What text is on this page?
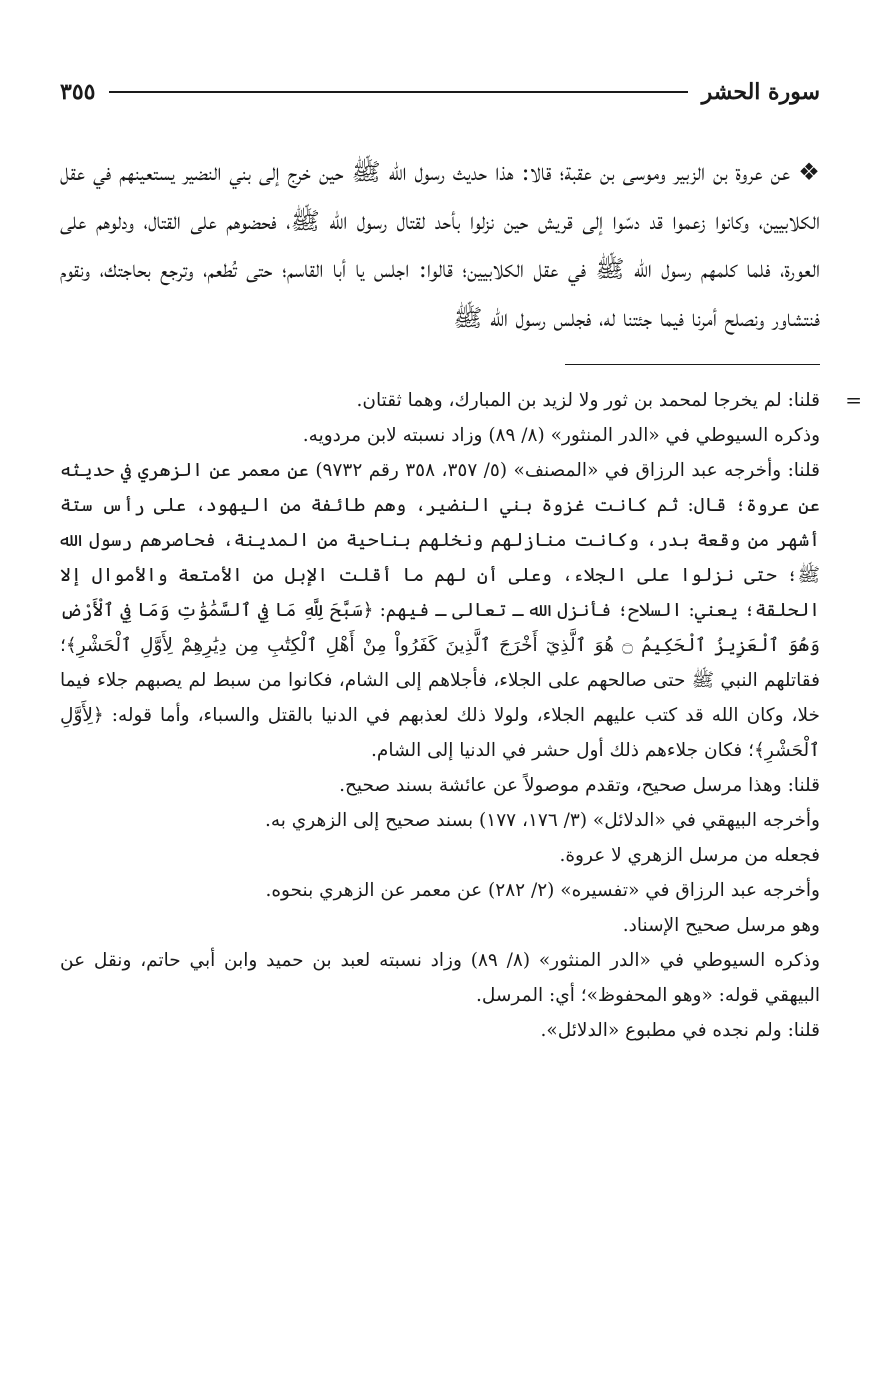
سورة الحشر
٣٥٥

❖عن عروة بن الزبير وموسى بن عقبة؛ قالا: هذا حديث رسول الله ﷺ حين خرج إلى بني النضير يستعينهم في عقل الكلابيين، وكانوا زعموا قد دسّوا إلى قريش حين نزلوا بأحد لقتال رسول الله ﷺ، فحضوهم على القتال، ودلوهم على العورة، فلما كلمهم رسول الله ﷺ في عقل الكلابيين؛ قالوا: اجلس يا أبا القاسم؛ حتى تُطعم، وترجع بحاجتك، ونقوم فنتشاور ونصلح أمرنا فيما جئتنا له، فجلس رسول الله ﷺ

=

قلنا: لم يخرجا لمحمد بن ثور ولا لزيد بن المبارك، وهما ثقتان.

وذكره السيوطي في «الدر المنثور» (٨/ ٨٩) وزاد نسبته لابن مردويه.

قلنا: وأخرجه عبد الرزاق في «المصنف» (٥/ ٣٥٧، ٣٥٨ رقم ٩٧٣٢) عن معمر عن الزهري في حديثه عن عروة؛ قال: ثم كانت غزوة بني النضير، وهم طائفة من اليهود، على رأس ستة أشهر من وقعة بدر، وكانت منازلهم ونخلهم بناحية من المدينة، فحاصرهم رسول الله ﷺ؛ حتى نزلوا على الجلاء، وعلى أن لهم ما أقلت الإبل من الأمتعة والأموال إلا الحلقة؛ يعني: السلاح؛ فأنزل الله ـ تعالى ـ فيهم: ﴿سَبَّحَ لِلَّهِ مَا فِي ٱلسَّمَٰوَٰتِ وَمَا فِي ٱلْأَرْضِ وَهُوَ ٱلْعَزِيزُ ٱلْحَكِيمُ ۝ هُوَ ٱلَّذِيٓ أَخْرَجَ ٱلَّذِينَ كَفَرُواْ مِنْ أَهْلِ ٱلْكِتَٰبِ مِن دِيَٰرِهِمْ لِأَوَّلِ ٱلْحَشْرِ﴾؛ فقاتلهم النبي ﷺ حتى صالحهم على الجلاء، فأجلاهم إلى الشام، فكانوا من سبط لم يصبهم جلاء فيما خلا، وكان الله قد كتب عليهم الجلاء، ولولا ذلك لعذبهم في الدنيا بالقتل والسباء، وأما قوله: ﴿لِأَوَّلِ ٱلْحَشْرِ﴾؛ فكان جلاءهم ذلك أول حشر في الدنيا إلى الشام.

قلنا: وهذا مرسل صحيح، وتقدم موصولاً عن عائشة بسند صحيح.

وأخرجه البيهقي في «الدلائل» (٣/ ١٧٦، ١٧٧) بسند صحيح إلى الزهري به.

فجعله من مرسل الزهري لا عروة.

وأخرجه عبد الرزاق في «تفسيره» (٢/ ٢٨٢) عن معمر عن الزهري بنحوه.

وهو مرسل صحيح الإسناد.

وذكره السيوطي في «الدر المنثور» (٨/ ٨٩) وزاد نسبته لعبد بن حميد وابن أبي حاتم، ونقل عن البيهقي قوله: «وهو المحفوظ»؛ أي: المرسل.

قلنا: ولم نجده في مطبوع «الدلائل».
